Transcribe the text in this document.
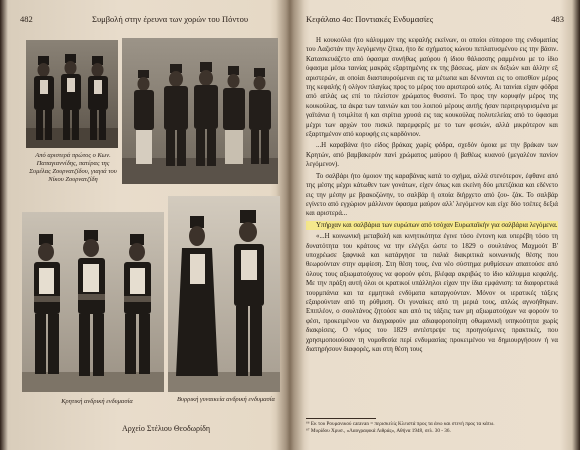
482	Συμβολή στην έρευνα των χορών του Πόντου
Από αριστερά πρώτος ο Κων. Παπαγιαννίδης, πατέρας της Συμέλας Ζουρνατζίδου, γιαγιά του Νίκου Ζουρνατζίδη
Κρητική ανδρική ενδυμασία	Βυρρική γυναικεία ανδρική ενδυμασία
Αρχείο Στέλιου Θεοδωρίδη
Κεφάλαιο 4ο: Ποντιακές Ενδυμασίες	483

Η κουκούλα ήτο κάλυμμαν της κεφαλής εκείνων, οι οποίοι εύπορου της ενδυματίας του Λαζιστάν την λεγόμενην ζίτκα, ήτο δε σχήματος κώνου πεπλατυσμένου εις την βάσιν. Κατασκευάζετο από ύφασμα συνήθως μαύρου ή ίδιου θάλασσης ραμμένου με το ίδιο ύφασμα μέσω ταινίας μακράς εξαρτημένης εκ της βάσεως, μίαν εκ δεξιών και άλλην εξ αριστερών, αι οποίαι διασταυρούμεναι εις τα μέτωπα και δένονται εις το οπισθίον μέρος της κεφαλής ή ολίγον πλαγίως προς το μέρος του αριστερού ωτός. Αι ταινίαι είχαν φόδρα από απλάς ως επί το πλείστον χρώματος θυσσινί. Το προς την κορυφήν μέρος της κουκούλας, τα άκρα των ταινιών και του λοιπού μέρους αυτής ήσαν περιτριγυρισμένα με γαϊτάνια ή τσιμλίτα ή και σιρίτια χρυσά εις τας κουκούλας πολυτελείας από το ύφασμα μέχρι των αρχών του πισκιλ παρεμφερές με το των φεσιών, αλλά μικρότερον και εξαρτημένον από κορυφής εις καρδόνιον.

...Η καραβάνα ήτο είδος βράκας χωρίς φόδρα, σχεδόν όμοια με την βράκαν των Κρητών, από βαμβακερόν πανί χρώματος μαύρου ή βαθέως κυανού (μεγαλέον πανίον λεγόμενον).

Το σαλβάρι ήτο όμοιον της καραβάνας κατά το σχήμα, αλλά στενότερον, έφθανε από της μέσης μέχρι κάτωθεν των γονάτων, είχεν όπως και εκείνη δύο μπετζάκια και εδένετο εις την μέσην με βρακοζώνην, το σαλβάρ ή οποία διήρχετο από ζου- ζάκ. Το σαλβάρ εγίνετο από εγχώριον μάλλινον ύφασμα μαύρον αλλ' λεγόμενον και είχε δύο τσέπες δεξιά και αριστερά...

Υπήρχαν και σαλβάρια των ευρώπων από τσόχαν Ευρωπαϊκήν για σαλβάρια λεγόμενα.

«...Η κοινωνική μεταβολή και κινητικότητα έγινε τόσο έντονη και υπερέβη τόσο τη δυνατότητα του κράτους να την ελέγξει ώστε το 1829 ο σουλτάνος Μαχμούτ Β' υποχρέωσε ξαφνικά και κατάργησε τα παλιά διακριτικά κοινωνικής θέσης που θεωρούνταν στην αμφίεση. Στη θέση τους, ένα νέο σύστημα ρυθμίσεων απαιτούσε από όλους τους αξιωματούχους να φορούν φέσι, βλέφαρ ακριβώς το ίδιο κάλυμμα κεφαλής. Με την πράξη αυτή όλοι οι κρατικοί υπάλληλοι είχαν την ίδια εμφάνιση: τα διαφορετικά τουρμπάνια και τα εμμητικά ενδύματα καταργούνταν. Μόνον οι ιερατικές τάξεις εξαιρούνταν από τη ρύθμιση. Οι γυναίκες από τη μεριά τους, απλώς αγνοήθηκαν. Επιπλέον, ο σουλτάνος ζητούσε και από τις τάξεις των μη αξιωματούχων να φορούν το φέσι, προκειμένου να διαγραφούν μια αδιαφοροποίητη οθωμανική υπηκοότητα χωρίς διακρίσεις. Ο νόμος του 1829 αντέστρεψε τις προηγούμενες πρακτικές, που χρησιμοποιούσαν τη νομοθεσία περί ενδυμασίας προκειμένου να δημιουργήσουν ή να διατηρήσουν διαφορές, και στη θέση τους

⁶⁶ Εκ του Ρουμανικού caravan = περισκελίς Κλειστά προς τα άνω και στενή προς τα κάτω.
⁶⁷ Μυρίδου Χρυσ., «Λαογραφικά Λιθράς», Αθήνα 1948, σελ. 30 - 36.
